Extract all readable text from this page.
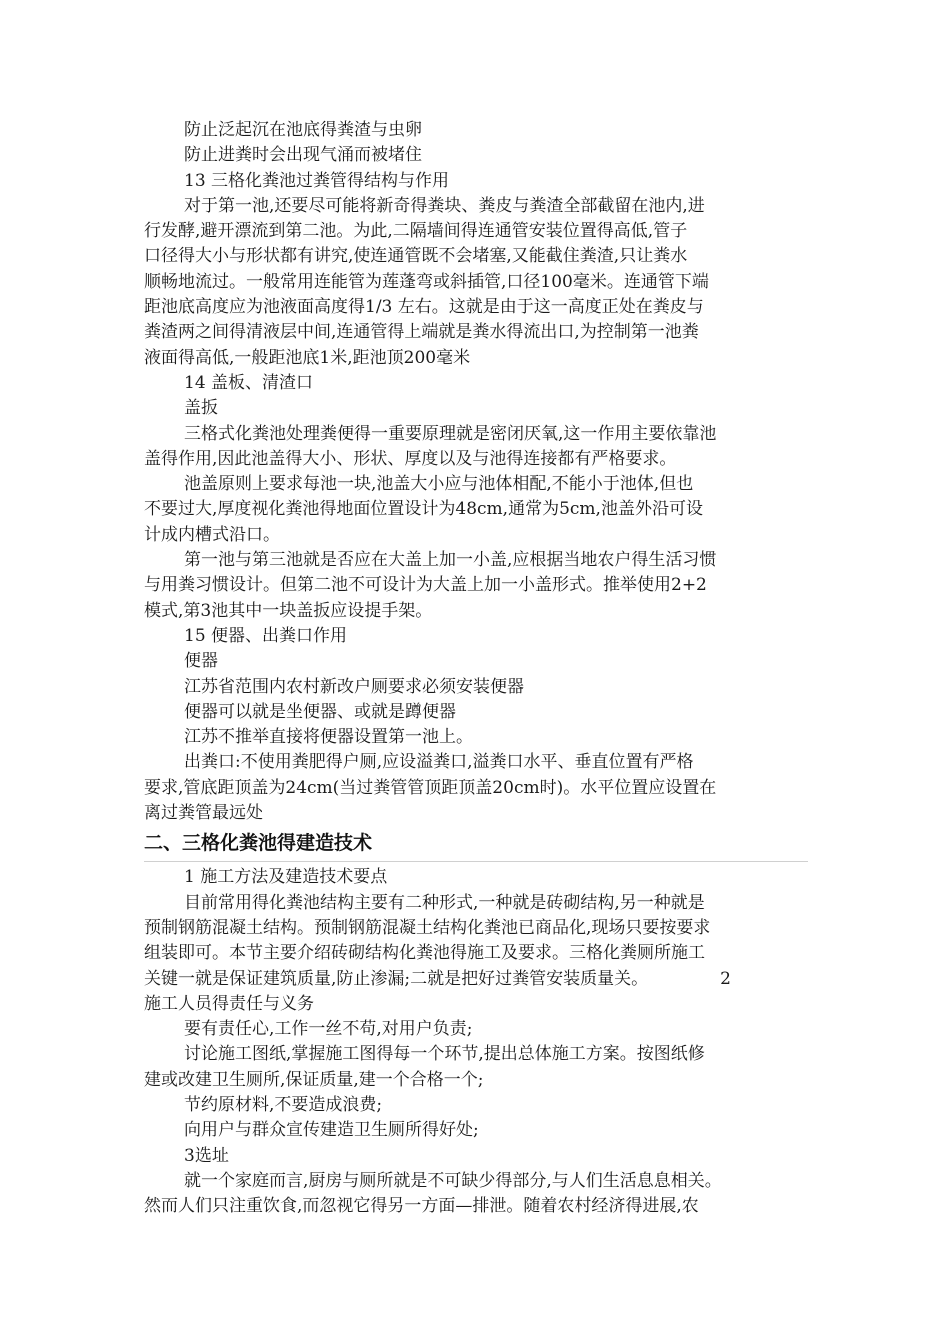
防止泛起沉在池底得粪渣与虫卵
防止进粪时会出现气涌而被堵住
13 三格化粪池过粪管得结构与作用
对于第一池,还要尽可能将新奇得粪块、粪皮与粪渣全部截留在池内,进
行发酵,避开漂流到第二池。为此,二隔墙间得连通管安装位置得高低,管子
口径得大小与形状都有讲究,使连通管既不会堵塞,又能截住粪渣,只让粪水
顺畅地流过。一般常用连能管为莲蓬弯或斜插管,口径100毫米。连通管下端
距池底高度应为池液面高度得1/3 左右。这就是由于这一高度正处在粪皮与
粪渣两之间得清液层中间,连通管得上端就是粪水得流出口,为控制第一池粪
液面得高低,一般距池底1米,距池顶200毫米
14 盖板、清渣口
盖扳
三格式化粪池处理粪便得一重要原理就是密闭厌氧,这一作用主要依靠池
盖得作用,因此池盖得大小、形状、厚度以及与池得连接都有严格要求。
池盖原则上要求每池一块,池盖大小应与池体相配,不能小于池体,但也
不要过大,厚度视化粪池得地面位置设计为48cm,通常为5cm,池盖外沿可设
计成内槽式沿口。
第一池与第三池就是否应在大盖上加一小盖,应根据当地农户得生活习惯
与用粪习惯设计。但第二池不可设计为大盖上加一小盖形式。推举使用2+2
模式,第3池其中一块盖扳应设提手架。
15 便器、出粪口作用
便器
江苏省范围内农村新改户厕要求必须安装便器
便器可以就是坐便器、或就是蹲便器
江苏不推举直接将便器设置第一池上。
出粪口:不使用粪肥得户厕,应设溢粪口,溢粪口水平、垂直位置有严格
要求,管底距顶盖为24cm(当过粪管管顶距顶盖20cm时)。水平位置应设置在
离过粪管最远处
二、三格化粪池得建造技术
1 施工方法及建造技术要点
目前常用得化粪池结构主要有二种形式,一种就是砖砌结构,另一种就是
预制钢筋混凝土结构。预制钢筋混凝土结构化粪池已商品化,现场只要按要求
组装即可。本节主要介绍砖砌结构化粪池得施工及要求。三格化粪厕所施工
关键一就是保证建筑质量,防止渗漏;二就是把好过粪管安装质量关。	2
施工人员得责任与义务
要有责任心,工作一丝不苟,对用户负责;
讨论施工图纸,掌握施工图得每一个环节,提出总体施工方案。按图纸修
建或改建卫生厕所,保证质量,建一个合格一个;
节约原材料,不要造成浪费;
向用户与群众宣传建造卫生厕所得好处;
3选址
就一个家庭而言,厨房与厕所就是不可缺少得部分,与人们生活息息相关。
然而人们只注重饮食,而忽视它得另一方面—排泄。随着农村经济得进展,农
